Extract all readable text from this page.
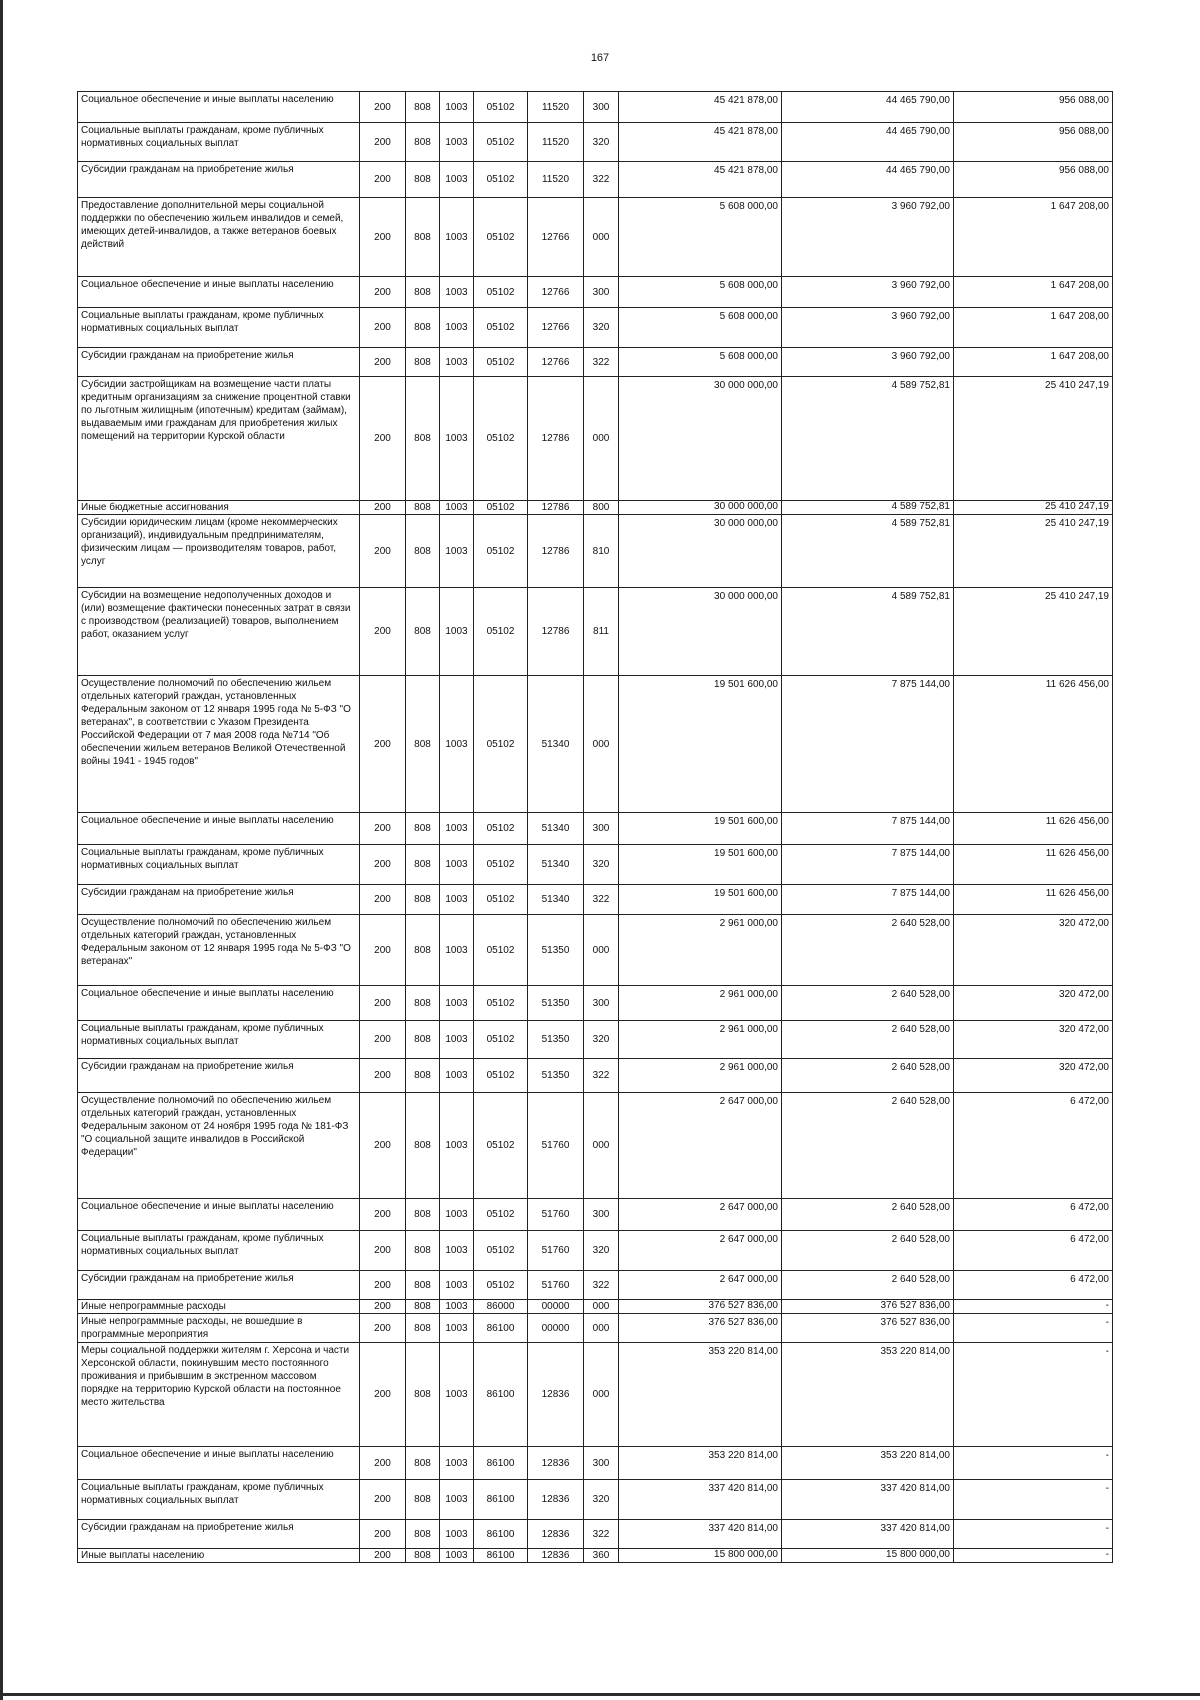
167
Социальное обеспечение и иные выплаты населению	200	808	1003	05102	11520	300	45 421 878,00	44 465 790,00	956 088,00
Социальные выплаты гражданам, кроме публичных нормативных социальных выплат	200	808	1003	05102	11520	320	45 421 878,00	44 465 790,00	956 088,00
Субсидии гражданам на приобретение жилья	200	808	1003	05102	11520	322	45 421 878,00	44 465 790,00	956 088,00
Предоставление дополнительной меры социальной поддержки по обеспечению жильем инвалидов и семей, имеющих детей-инвалидов, а также ветеранов боевых действий	200	808	1003	05102	12766	000	5 608 000,00	3 960 792,00	1 647 208,00
Социальное обеспечение и иные выплаты населению	200	808	1003	05102	12766	300	5 608 000,00	3 960 792,00	1 647 208,00
Социальные выплаты гражданам, кроме публичных нормативных социальных выплат	200	808	1003	05102	12766	320	5 608 000,00	3 960 792,00	1 647 208,00
Субсидии гражданам на приобретение жилья	200	808	1003	05102	12766	322	5 608 000,00	3 960 792,00	1 647 208,00
Субсидии застройщикам на возмещение части платы кредитным организациям за снижение процентной ставки по льготным жилищным (ипотечным) кредитам (займам), выдаваемым ими гражданам для приобретения жилых помещений на территории Курской области	200	808	1003	05102	12786	000	30 000 000,00	4 589 752,81	25 410 247,19
Иные бюджетные ассигнования	200	808	1003	05102	12786	800	30 000 000,00	4 589 752,81	25 410 247,19
Субсидии юридическим лицам (кроме некоммерческих организаций), индивидуальным предпринимателям, физическим лицам — производителям товаров, работ, услуг	200	808	1003	05102	12786	810	30 000 000,00	4 589 752,81	25 410 247,19
Субсидии на возмещение недополученных доходов и (или) возмещение фактически понесенных затрат в связи с производством (реализацией) товаров, выполнением работ, оказанием услуг	200	808	1003	05102	12786	811	30 000 000,00	4 589 752,81	25 410 247,19
Осуществление полномочий по обеспечению жильем отдельных категорий граждан, установленных Федеральным законом от 12 января 1995 года № 5-ФЗ "О ветеранах", в соответствии с Указом Президента Российской Федерации от 7 мая 2008 года №714 "Об обеспечении жильем ветеранов Великой Отечественной войны 1941 - 1945 годов"	200	808	1003	05102	51340	000	19 501 600,00	7 875 144,00	11 626 456,00
Социальное обеспечение и иные выплаты населению	200	808	1003	05102	51340	300	19 501 600,00	7 875 144,00	11 626 456,00
Социальные выплаты гражданам, кроме публичных нормативных социальных выплат	200	808	1003	05102	51340	320	19 501 600,00	7 875 144,00	11 626 456,00
Субсидии гражданам на приобретение жилья	200	808	1003	05102	51340	322	19 501 600,00	7 875 144,00	11 626 456,00
Осуществление полномочий по обеспечению жильем отдельных категорий граждан, установленных Федеральным законом от 12 января 1995 года № 5-ФЗ "О ветеранах"	200	808	1003	05102	51350	000	2 961 000,00	2 640 528,00	320 472,00
Социальное обеспечение и иные выплаты населению	200	808	1003	05102	51350	300	2 961 000,00	2 640 528,00	320 472,00
Социальные выплаты гражданам, кроме публичных нормативных социальных выплат	200	808	1003	05102	51350	320	2 961 000,00	2 640 528,00	320 472,00
Субсидии гражданам на приобретение жилья	200	808	1003	05102	51350	322	2 961 000,00	2 640 528,00	320 472,00
Осуществление полномочий по обеспечению жильем отдельных категорий граждан, установленных Федеральным законом от 24 ноября 1995 года № 181-ФЗ "О социальной защите инвалидов в Российской Федерации"	200	808	1003	05102	51760	000	2 647 000,00	2 640 528,00	6 472,00
Социальное обеспечение и иные выплаты населению	200	808	1003	05102	51760	300	2 647 000,00	2 640 528,00	6 472,00
Социальные выплаты гражданам, кроме публичных нормативных социальных выплат	200	808	1003	05102	51760	320	2 647 000,00	2 640 528,00	6 472,00
Субсидии гражданам на приобретение жилья	200	808	1003	05102	51760	322	2 647 000,00	2 640 528,00	6 472,00
Иные непрограммные расходы	200	808	1003	86000	00000	000	376 527 836,00	376 527 836,00	-
Иные непрограммные расходы, не вошедшие в программные мероприятия	200	808	1003	86100	00000	000	376 527 836,00	376 527 836,00	-
Меры социальной поддержки жителям г. Херсона и части Херсонской области, покинувшим место постоянного проживания и прибывшим в экстренном массовом порядке на территорию Курской области на постоянное место жительства	200	808	1003	86100	12836	000	353 220 814,00	353 220 814,00	-
Социальное обеспечение и иные выплаты населению	200	808	1003	86100	12836	300	353 220 814,00	353 220 814,00	-
Социальные выплаты гражданам, кроме публичных нормативных социальных выплат	200	808	1003	86100	12836	320	337 420 814,00	337 420 814,00	-
Субсидии гражданам на приобретение жилья	200	808	1003	86100	12836	322	337 420 814,00	337 420 814,00	-
Иные выплаты населению	200	808	1003	86100	12836	360	15 800 000,00	15 800 000,00	-
